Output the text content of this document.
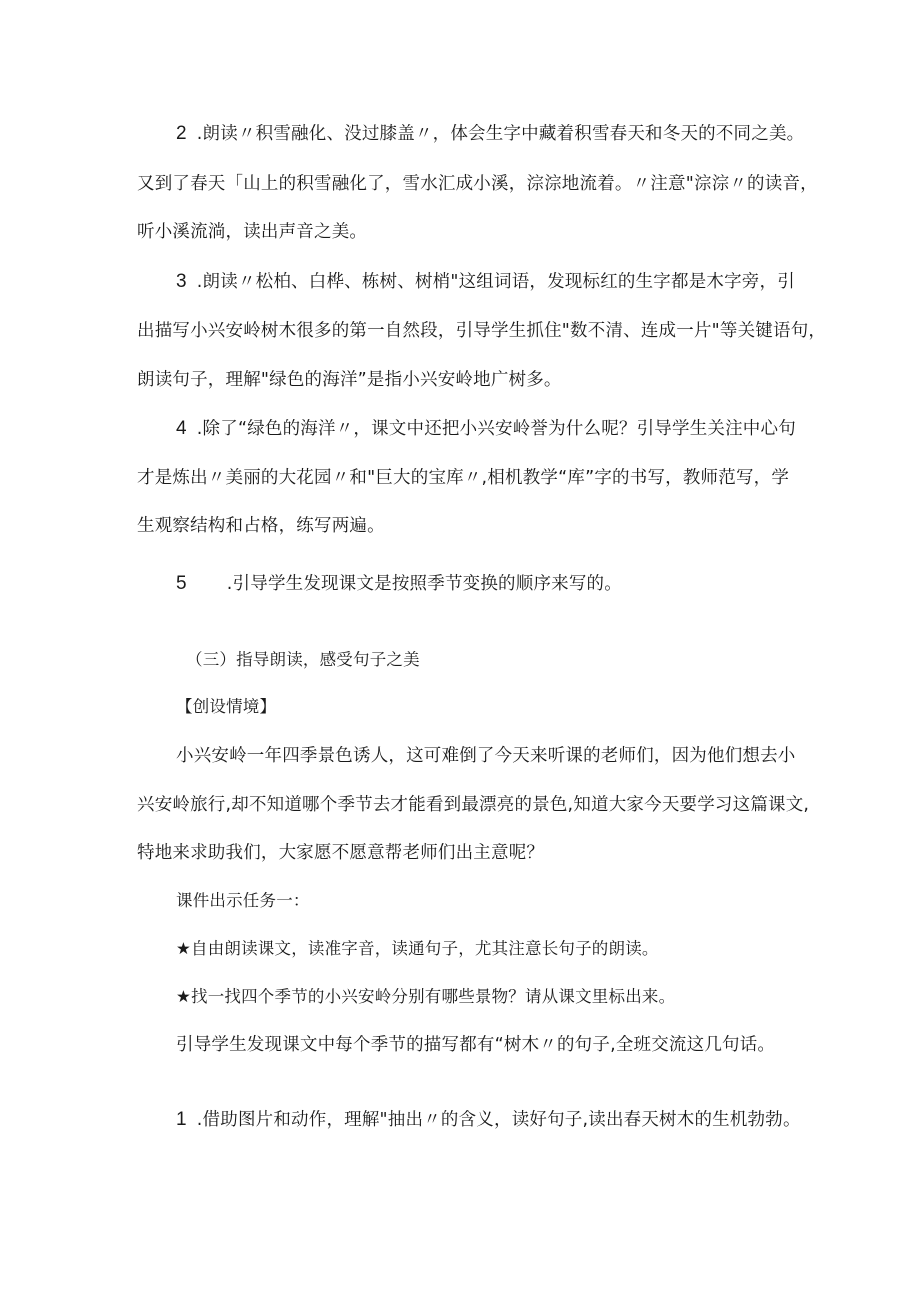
2 .朗读〃积雪融化、没过膝盖〃，体会生字中藏着积雪春天和冬天的不同之美。
又到了春天「山上的积雪融化了，雪水汇成小溪，淙淙地流着。〃注意"淙淙〃的读音，
听小溪流淌，读出声音之美。
3 .朗读〃松柏、白桦、栋树、树梢"这组词语，发现标红的生字都是木字旁，引
出描写小兴安岭树木很多的第一自然段，引导学生抓住"数不清、连成一片"等关键语句，
朗读句子，理解"绿色的海洋”是指小兴安岭地广树多。
4 .除了“绿色的海洋〃，课文中还把小兴安岭誉为什么呢？引导学生关注中心句
才是炼出〃美丽的大花园〃和"巨大的宝库〃,相机教学“库”字的书写，教师范写，学
生观察结构和占格，练写两遍。
5 .引导学生发现课文是按照季节变换的顺序来写的。
（三）指导朗读，感受句子之美
【创设情境】
小兴安岭一年四季景色诱人，这可难倒了今天来听课的老师们，因为他们想去小
兴安岭旅行,却不知道哪个季节去才能看到最漂亮的景色,知道大家今天要学习这篇课文,
特地来求助我们，大家愿不愿意帮老师们出主意呢？
课件出示任务一：
★自由朗读课文，读准字音，读通句子，尤其注意长句子的朗读。
★找一找四个季节的小兴安岭分别有哪些景物？请从课文里标出来。
引导学生发现课文中每个季节的描写都有“树木〃的句子,全班交流这几句话。
1 .借助图片和动作，理解"抽出〃的含义，读好句子,读出春天树木的生机勃勃。
